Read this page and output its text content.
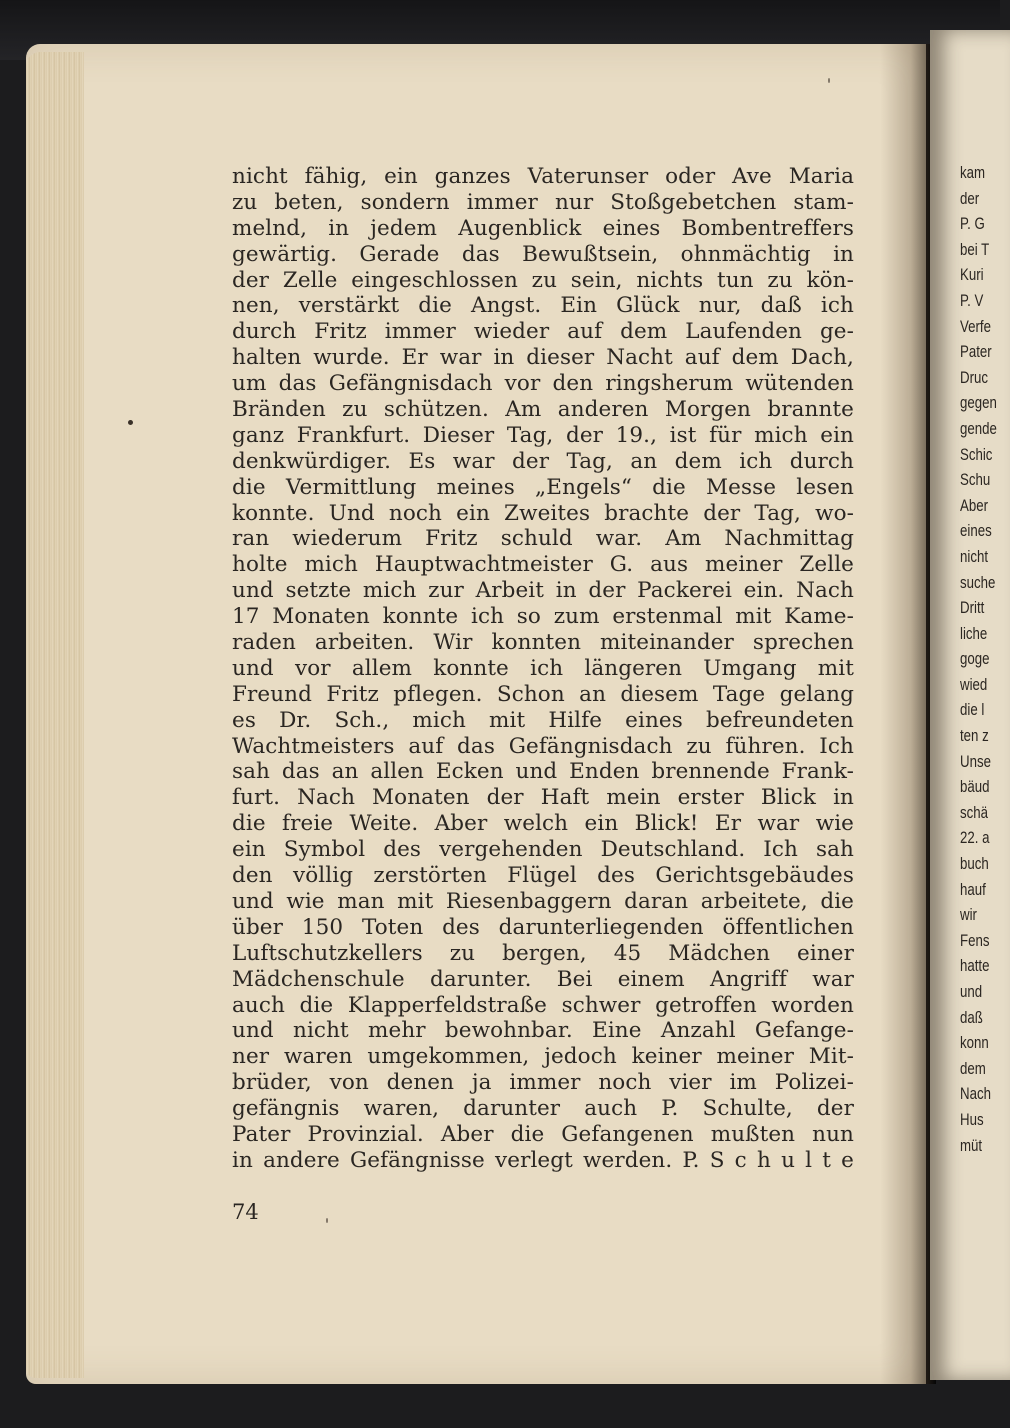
nicht fähig, ein ganzes Vaterunser oder Ave Maria
zu beten, sondern immer nur Stoßgebetchen stam-
melnd, in jedem Augenblick eines Bombentreffers
gewärtig. Gerade das Bewußtsein, ohnmächtig in
der Zelle eingeschlossen zu sein, nichts tun zu kön-
nen, verstärkt die Angst. Ein Glück nur, daß ich
durch Fritz immer wieder auf dem Laufenden ge-
halten wurde. Er war in dieser Nacht auf dem Dach,
um das Gefängnisdach vor den ringsherum wütenden
Bränden zu schützen. Am anderen Morgen brannte
ganz Frankfurt. Dieser Tag, der 19., ist für mich ein
denkwürdiger. Es war der Tag, an dem ich durch
die Vermittlung meines „Engels“ die Messe lesen
konnte. Und noch ein Zweites brachte der Tag, wo-
ran wiederum Fritz schuld war. Am Nachmittag
holte mich Hauptwachtmeister G. aus meiner Zelle
und setzte mich zur Arbeit in der Packerei ein. Nach
17 Monaten konnte ich so zum erstenmal mit Kame-
raden arbeiten. Wir konnten miteinander sprechen
und vor allem konnte ich längeren Umgang mit
Freund Fritz pflegen. Schon an diesem Tage gelang
es Dr. Sch., mich mit Hilfe eines befreundeten
Wachtmeisters auf das Gefängnisdach zu führen. Ich
sah das an allen Ecken und Enden brennende Frank-
furt. Nach Monaten der Haft mein erster Blick in
die freie Weite. Aber welch ein Blick! Er war wie
ein Symbol des vergehenden Deutschland. Ich sah
den völlig zerstörten Flügel des Gerichtsgebäudes
und wie man mit Riesenbaggern daran arbeitete, die
über 150 Toten des darunterliegenden öffentlichen
Luftschutzkellers zu bergen, 45 Mädchen einer
Mädchenschule darunter. Bei einem Angriff war
auch die Klapperfeldstraße schwer getroffen worden
und nicht mehr bewohnbar. Eine Anzahl Gefange-
ner waren umgekommen, jedoch keiner meiner Mit-
brüder, von denen ja immer noch vier im Polizei-
gefängnis waren, darunter auch P. Schulte, der
Pater Provinzial. Aber die Gefangenen mußten nun
in andere Gefängnisse verlegt werden. P. S c h u l t e
74
kam
der
P. G
bei T
Kuri
P. V
Verfe
Pater
Druc
gegen
gende
Schic
Schu
Aber
eines
nicht
suche
Dritt
liche
goge
wied
die l
ten z
Unse
bäud
schä
22. a
buch
hauf
wir
Fens
hatte
und
daß
konn
dem
Nach
Hus
müt
